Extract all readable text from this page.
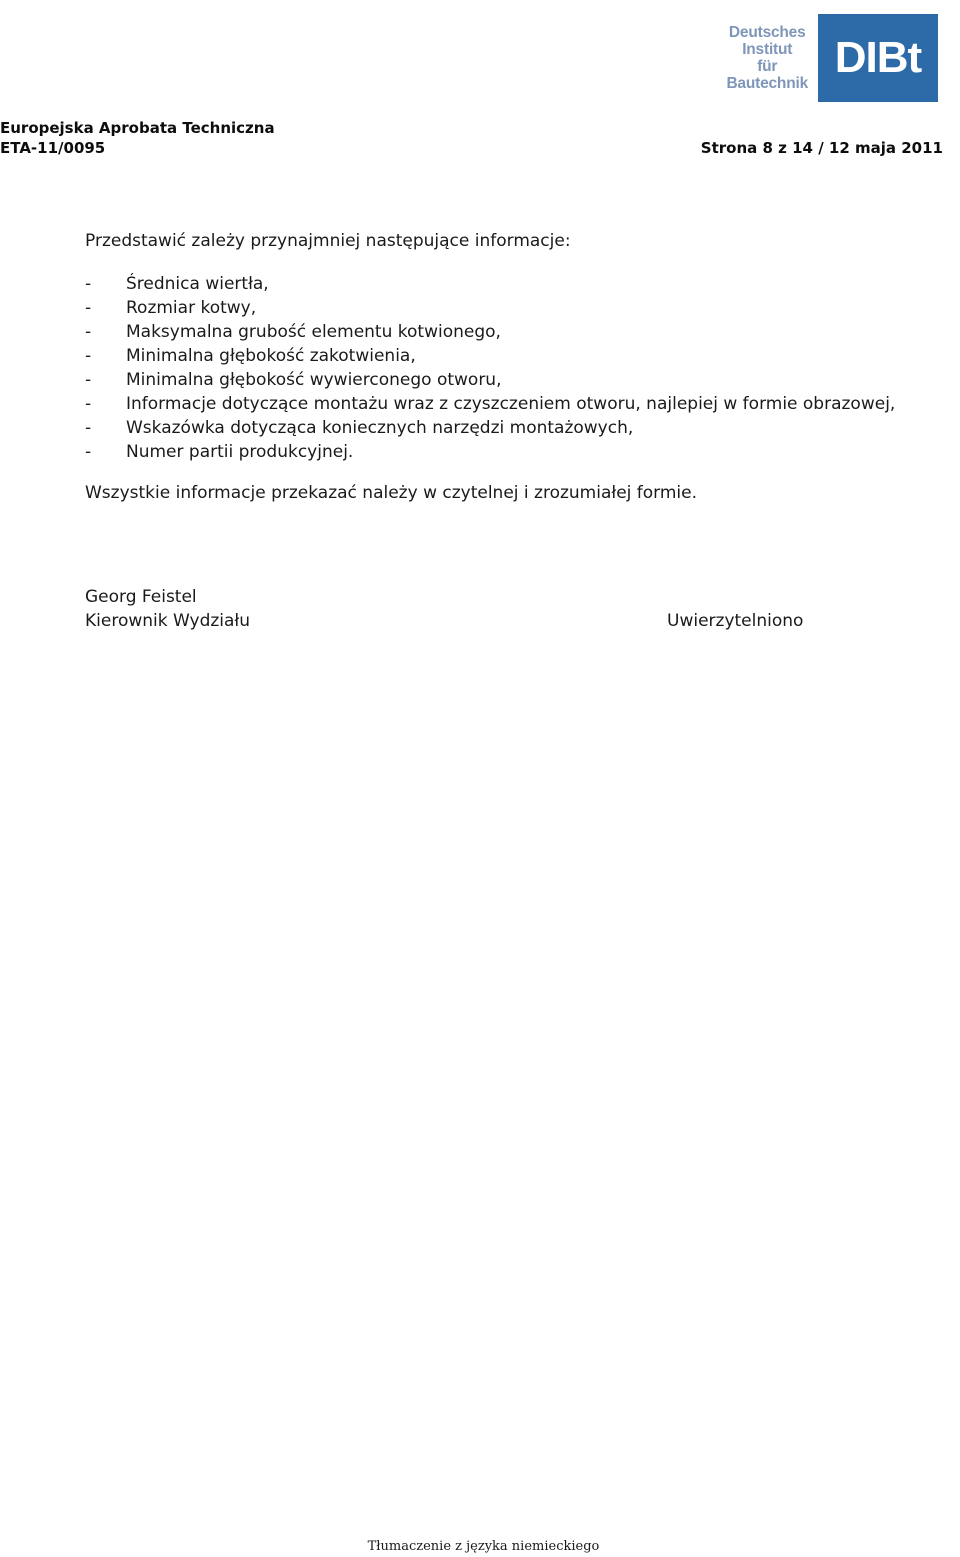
Deutsches
Institut
für
Bautechnik
DIBt
Europejska Aprobata Techniczna
ETA-11/0095	Strona 8 z 14 / 12 maja 2011

Przedstawić zależy przynajmniej następujące informacje:

-	Średnica wiertła,
-	Rozmiar kotwy,
-	Maksymalna grubość elementu kotwionego,
-	Minimalna głębokość zakotwienia,
-	Minimalna głębokość wywierconego otworu,
-	Informacje dotyczące montażu wraz z czyszczeniem otworu, najlepiej w formie obrazowej,
-	Wskazówka dotycząca koniecznych narzędzi montażowych,
-	Numer partii produkcyjnej.

Wszystkie informacje przekazać należy w czytelnej i zrozumiałej formie.

Georg Feistel
Kierownik Wydziału	Uwierzytelniono
Tłumaczenie z języka niemieckiego
